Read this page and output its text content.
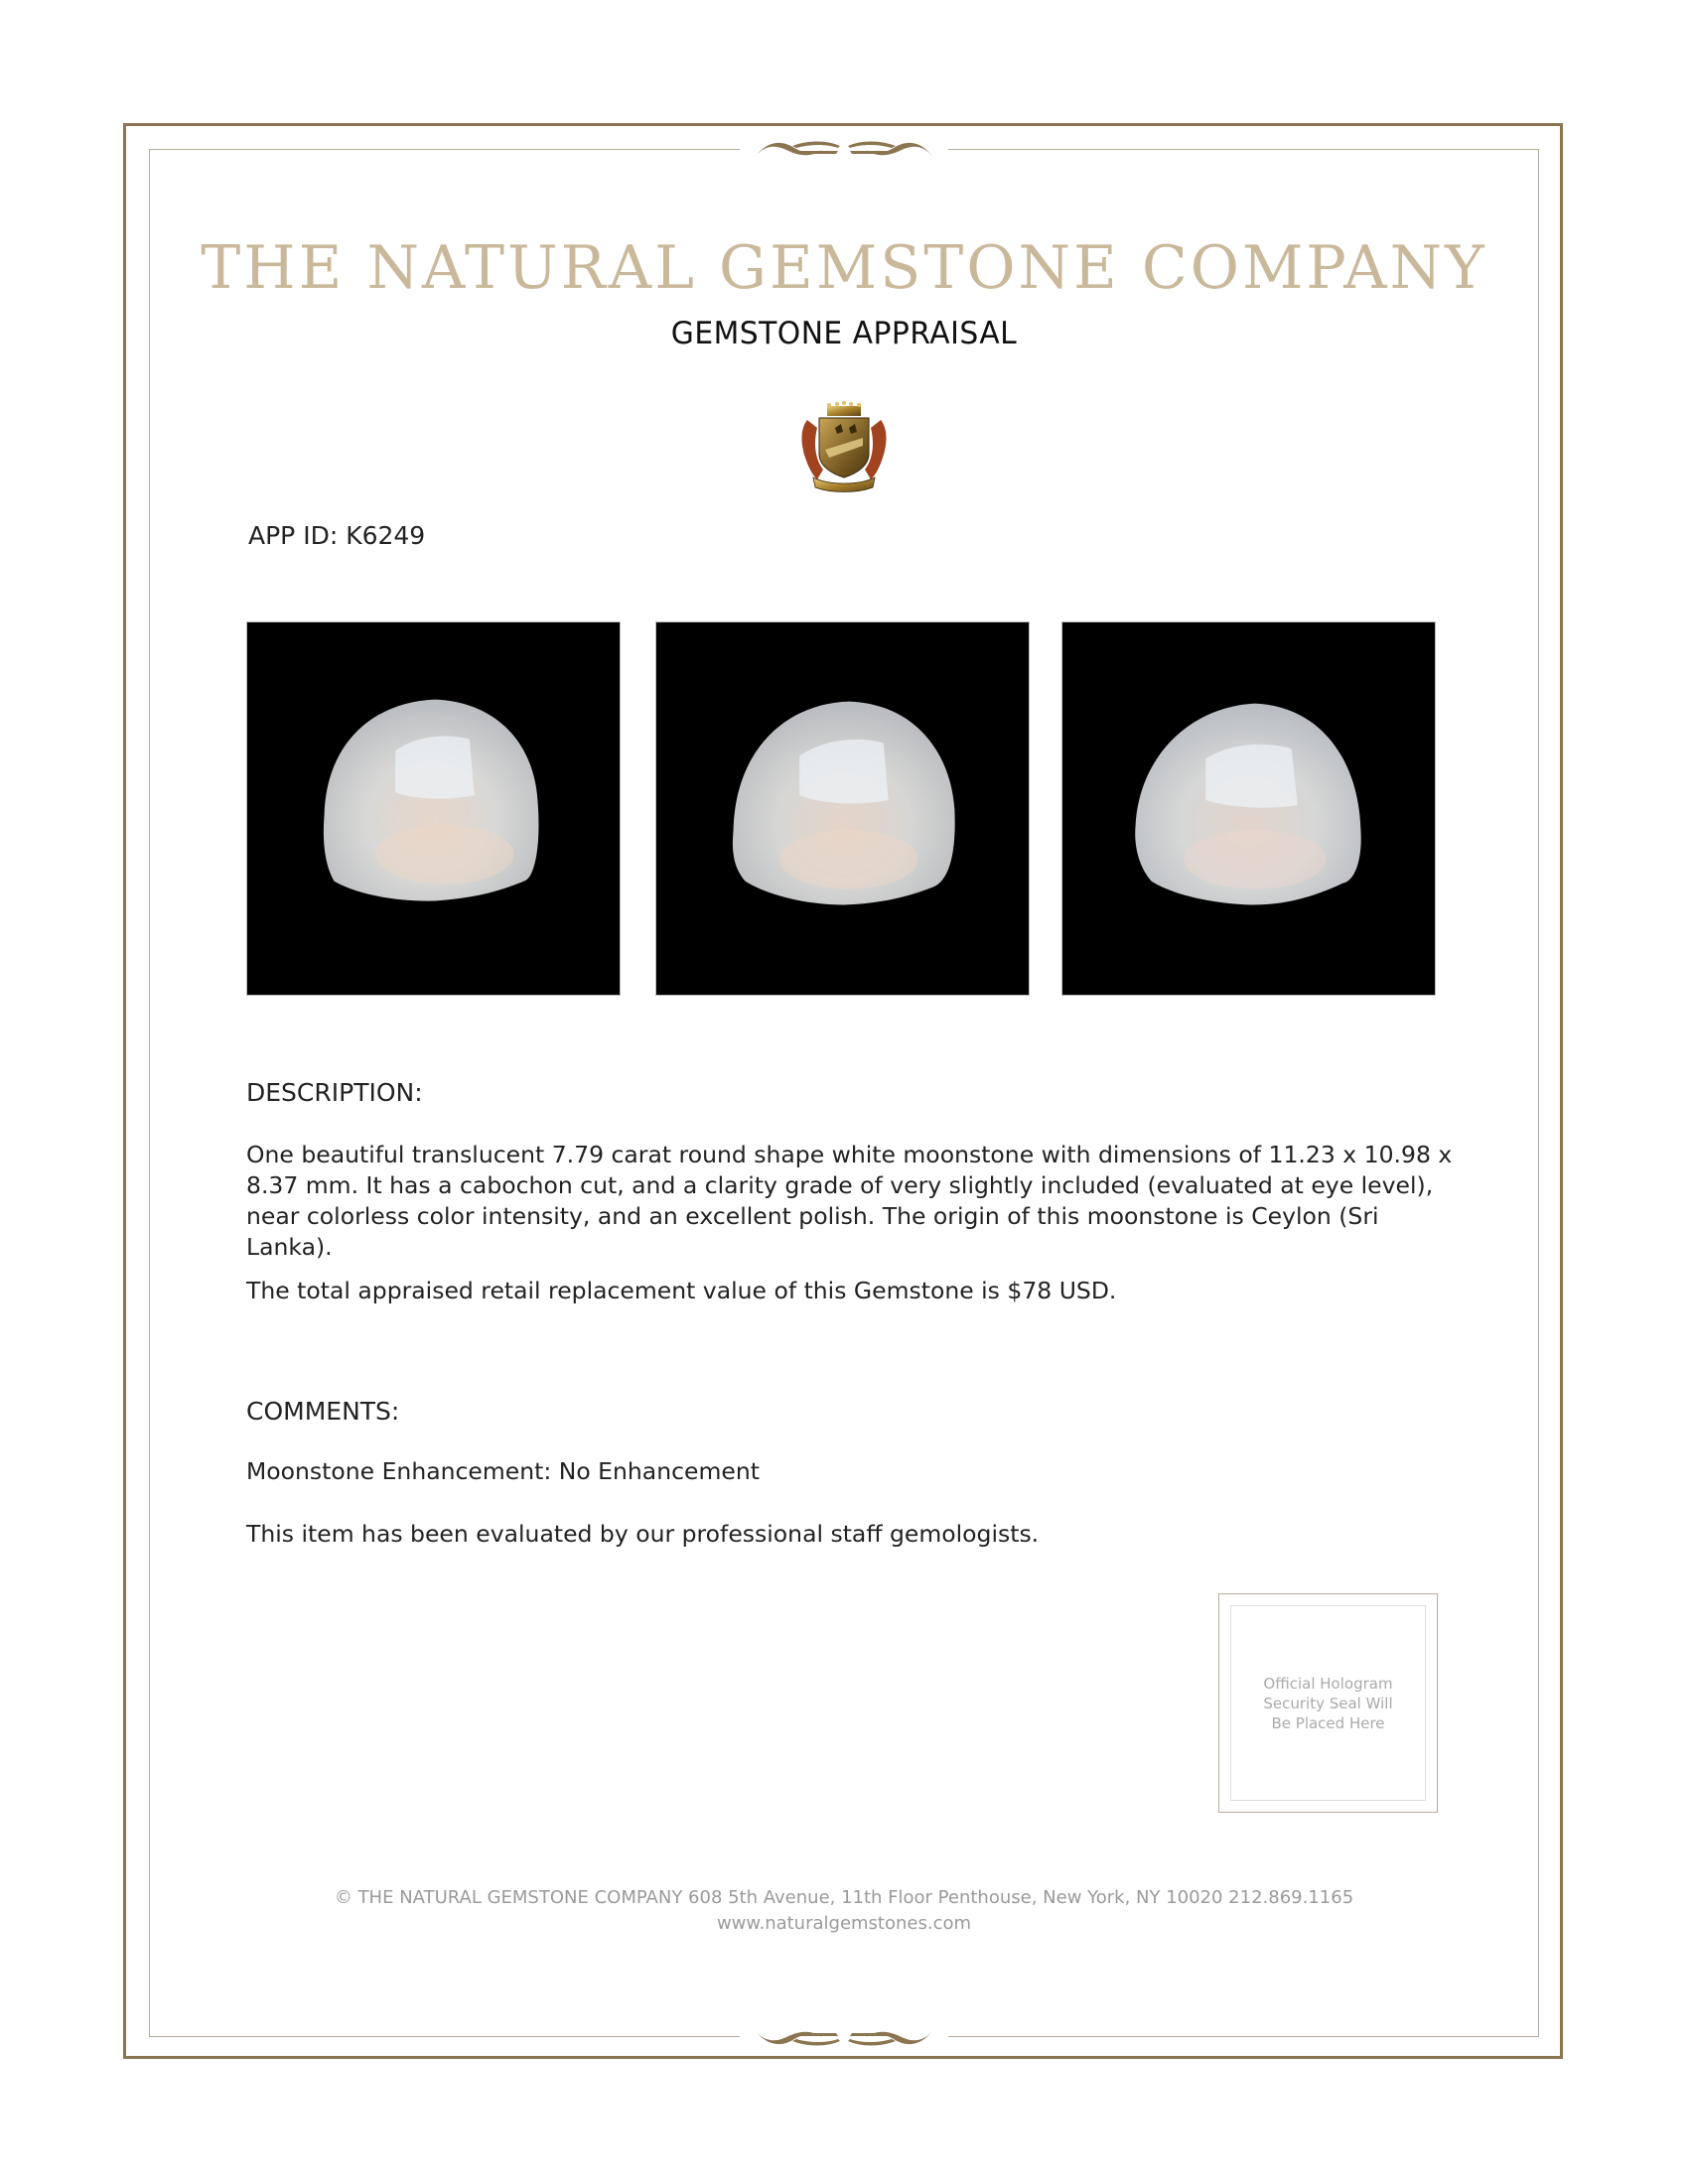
THE NATURAL GEMSTONE COMPANY
GEMSTONE APPRAISAL
APP ID: K6249
DESCRIPTION:

One beautiful translucent 7.79 carat round shape white moonstone with dimensions of 11.23 x 10.98 x 8.37 mm. It has a cabochon cut, and a clarity grade of very slightly included (evaluated at eye level), near colorless color intensity, and an excellent polish. The origin of this moonstone is Ceylon (Sri Lanka).

The total appraised retail replacement value of this Gemstone is $78 USD.

COMMENTS:
Moonstone Enhancement: No Enhancement
This item has been evaluated by our professional staff gemologists.
Official Hologram
Security Seal Will
Be Placed Here
© THE NATURAL GEMSTONE COMPANY 608 5th Avenue, 11th Floor Penthouse, New York, NY 10020 212.869.1165
www.naturalgemstones.com
